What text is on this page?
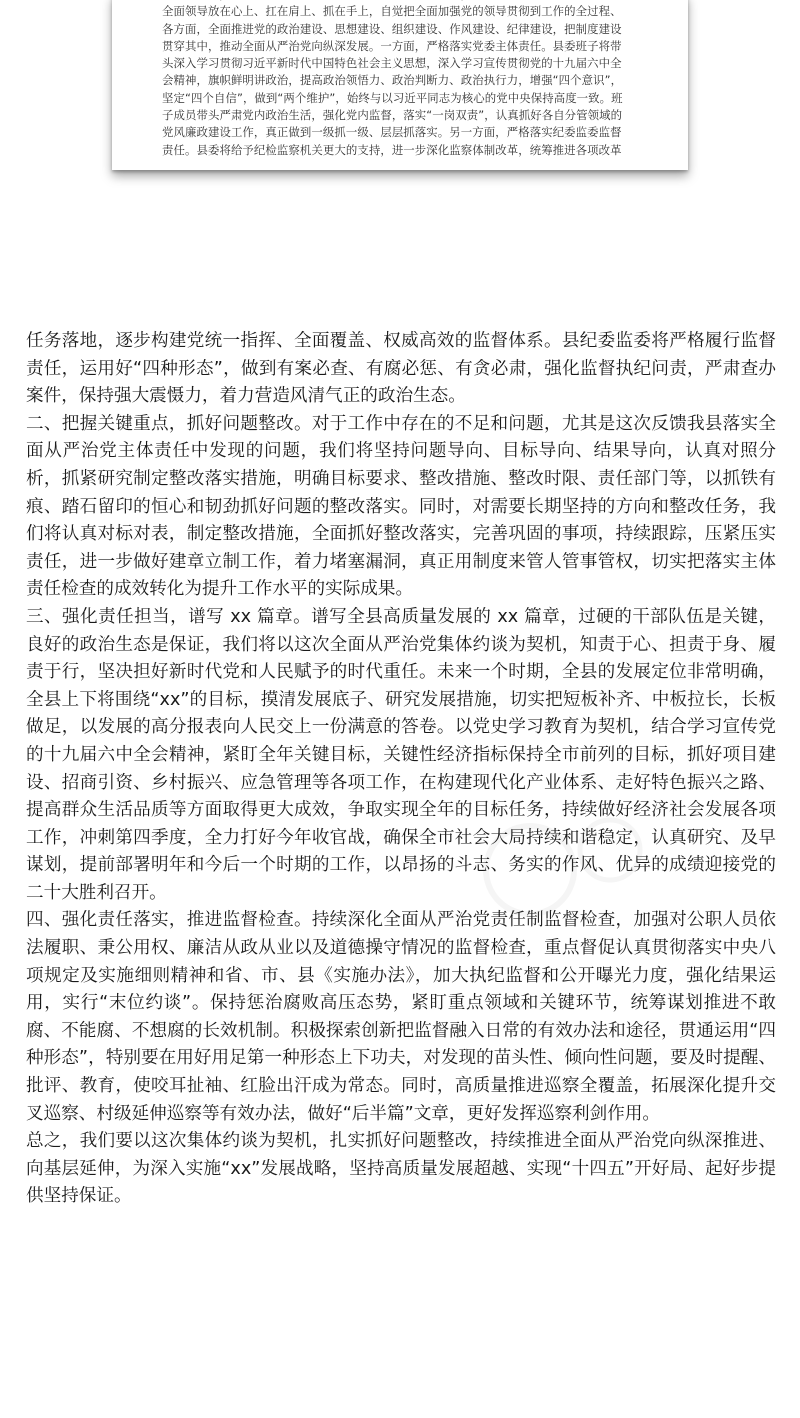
全面领导放在心上、扛在肩上、抓在手上，自觉把全面加强党的领导贯彻到工作的全过程、

各方面，全面推进党的政治建设、思想建设、组织建设、作风建设、纪律建设，把制度建设

贯穿其中，推动全面从严治党向纵深发展。一方面，严格落实党委主体责任。县委班子将带

头深入学习贯彻习近平新时代中国特色社会主义思想，深入学习宣传贯彻党的十九届六中全

会精神，旗帜鲜明讲政治，提高政治领悟力、政治判断力、政治执行力，增强“四个意识”，

坚定“四个自信”，做到“两个维护”，始终与以习近平同志为核心的党中央保持高度一致。班

子成员带头严肃党内政治生活，强化党内监督，落实“一岗双责”，认真抓好各自分管领域的

党风廉政建设工作，真正做到一级抓一级、层层抓落实。另一方面，严格落实纪委监委监督

责任。县委将给予纪检监察机关更大的支持，进一步深化监察体制改革，统筹推进各项改革

任务落地，逐步构建党统一指挥、全面覆盖、权威高效的监督体系。县纪委监委将严格履行监督责任，运用好“四种形态”，做到有案必查、有腐必惩、有贪必肃，强化监督执纪问责，严肃查办案件，保持强大震慑力，着力营造风清气正的政治生态。

二、把握关键重点，抓好问题整改。对于工作中存在的不足和问题，尤其是这次反馈我县落实全面从严治党主体责任中发现的问题，我们将坚持问题导向、目标导向、结果导向，认真对照分析，抓紧研究制定整改落实措施，明确目标要求、整改措施、整改时限、责任部门等，以抓铁有痕、踏石留印的恒心和韧劲抓好问题的整改落实。同时，对需要长期坚持的方向和整改任务，我们将认真对标对表，制定整改措施，全面抓好整改落实，完善巩固的事项，持续跟踪，压紧压实责任，进一步做好建章立制工作，着力堵塞漏洞，真正用制度来管人管事管权，切实把落实主体责任检查的成效转化为提升工作水平的实际成果。

三、强化责任担当，谱写 xx 篇章。谱写全县高质量发展的 xx 篇章，过硬的干部队伍是关键，良好的政治生态是保证，我们将以这次全面从严治党集体约谈为契机，知责于心、担责于身、履责于行，坚决担好新时代党和人民赋予的时代重任。未来一个时期，全县的发展定位非常明确，全县上下将围绕“xx”的目标，摸清发展底子、研究发展措施，切实把短板补齐、中板拉长，长板做足，以发展的高分报表向人民交上一份满意的答卷。以党史学习教育为契机，结合学习宣传党的十九届六中全会精神，紧盯全年关键目标，关键性经济指标保持全市前列的目标，抓好项目建设、招商引资、乡村振兴、应急管理等各项工作，在构建现代化产业体系、走好特色振兴之路、提高群众生活品质等方面取得更大成效，争取实现全年的目标任务，持续做好经济社会发展各项工作，冲刺第四季度，全力打好今年收官战，确保全市社会大局持续和谐稳定，认真研究、及早谋划，提前部署明年和今后一个时期的工作，以昂扬的斗志、务实的作风、优异的成绩迎接党的二十大胜利召开。

四、强化责任落实，推进监督检查。持续深化全面从严治党责任制监督检查，加强对公职人员依法履职、秉公用权、廉洁从政从业以及道德操守情况的监督检查，重点督促认真贯彻落实中央八项规定及实施细则精神和省、市、县《实施办法》，加大执纪监督和公开曝光力度，强化结果运用，实行“末位约谈”。保持惩治腐败高压态势，紧盯重点领域和关键环节，统筹谋划推进不敢腐、不能腐、不想腐的长效机制。积极探索创新把监督融入日常的有效办法和途径，贯通运用“四种形态”，特别要在用好用足第一种形态上下功夫，对发现的苗头性、倾向性问题，要及时提醒、批评、教育，使咬耳扯袖、红脸出汗成为常态。同时，高质量推进巡察全覆盖，拓展深化提升交叉巡察、村级延伸巡察等有效办法，做好“后半篇”文章，更好发挥巡察利剑作用。

总之，我们要以这次集体约谈为契机，扎实抓好问题整改，持续推进全面从严治党向纵深推进、向基层延伸，为深入实施“xx”发展战略，坚持高质量发展超越、实现“十四五”开好局、起好步提供坚持保证。
